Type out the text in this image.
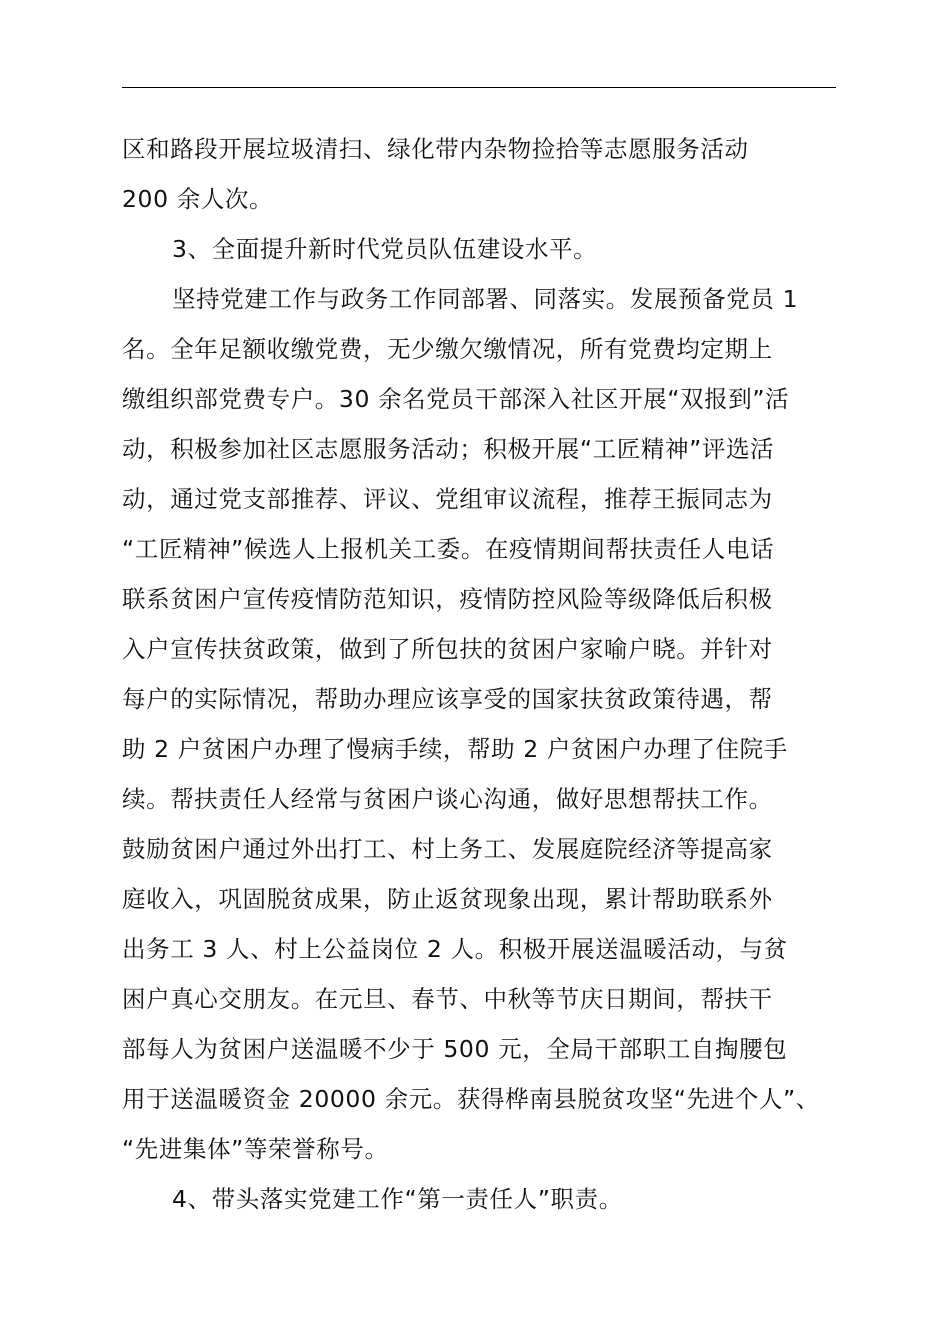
区和路段开展垃圾清扫、绿化带内杂物捡拾等志愿服务活动
200 余人次。
3、全面提升新时代党员队伍建设水平。
坚持党建工作与政务工作同部署、同落实。发展预备党员 1
名。全年足额收缴党费，无少缴欠缴情况，所有党费均定期上
缴组织部党费专户。30 余名党员干部深入社区开展“双报到”活
动，积极参加社区志愿服务活动；积极开展“工匠精神”评选活
动，通过党支部推荐、评议、党组审议流程，推荐王振同志为
“工匠精神”候选人上报机关工委。在疫情期间帮扶责任人电话
联系贫困户宣传疫情防范知识，疫情防控风险等级降低后积极
入户宣传扶贫政策，做到了所包扶的贫困户家喻户晓。并针对
每户的实际情况，帮助办理应该享受的国家扶贫政策待遇，帮
助 2 户贫困户办理了慢病手续，帮助 2 户贫困户办理了住院手
续。帮扶责任人经常与贫困户谈心沟通，做好思想帮扶工作。
鼓励贫困户通过外出打工、村上务工、发展庭院经济等提高家
庭收入，巩固脱贫成果，防止返贫现象出现，累计帮助联系外
出务工 3 人、村上公益岗位 2 人。积极开展送温暖活动，与贫
困户真心交朋友。在元旦、春节、中秋等节庆日期间，帮扶干
部每人为贫困户送温暖不少于 500 元，全局干部职工自掏腰包
用于送温暖资金 20000 余元。获得桦南县脱贫攻坚“先进个人”、
“先进集体”等荣誉称号。
4、带头落实党建工作“第一责任人”职责。
